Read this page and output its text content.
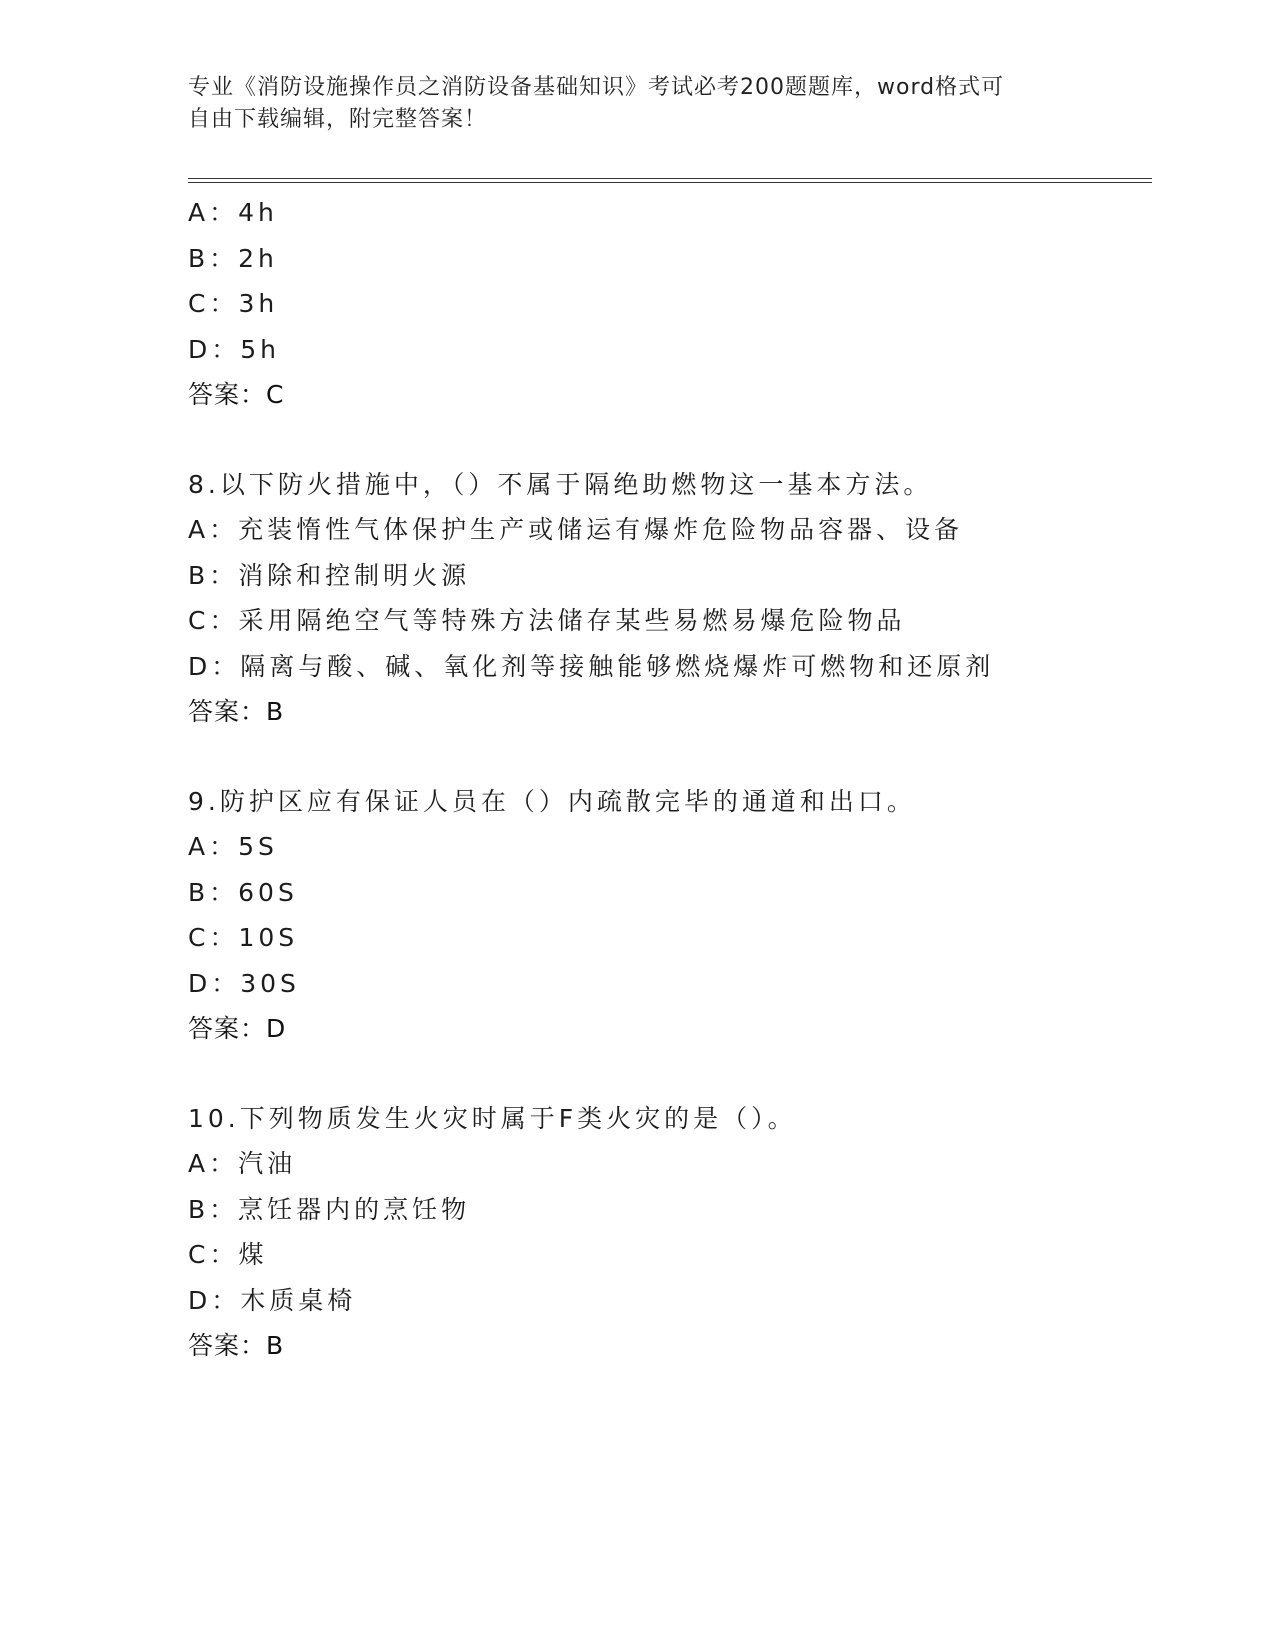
专业《消防设施操作员之消防设备基础知识》考试必考200题题库，word格式可
自由下载编辑，附完整答案！
A：4h
B：2h
C：3h
D：5h
答案：C
8.以下防火措施中，（）不属于隔绝助燃物这一基本方法。
A：充装惰性气体保护生产或储运有爆炸危险物品容器、设备
B：消除和控制明火源
C：采用隔绝空气等特殊方法储存某些易燃易爆危险物品
D：隔离与酸、碱、氧化剂等接触能够燃烧爆炸可燃物和还原剂
答案：B
9.防护区应有保证人员在（）内疏散完毕的通道和出口。
A：5S
B：60S
C：10S
D：30S
答案：D
10.下列物质发生火灾时属于F类火灾的是（）。
A：汽油
B：烹饪器内的烹饪物
C：煤
D：木质桌椅
答案：B
